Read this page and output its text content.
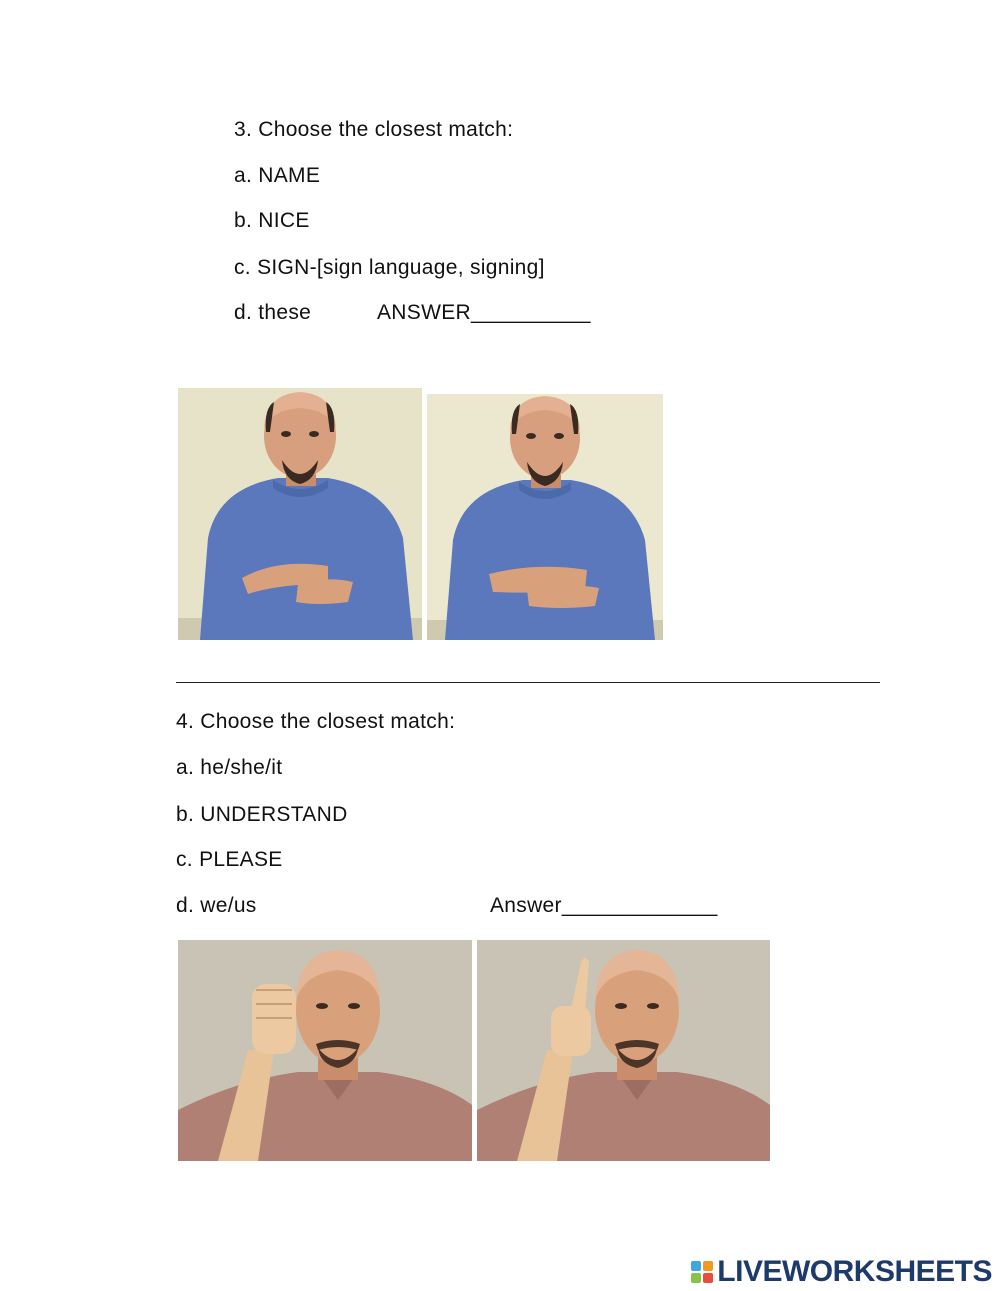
3. Choose the closest match:
a. NAME
b. NICE
c. SIGN-[sign language, signing]
d. these	ANSWER__________
4. Choose the closest match:
a. he/she/it
b. UNDERSTAND
c. PLEASE
d. we/us	Answer_____________
LIVEWORKSHEETS
